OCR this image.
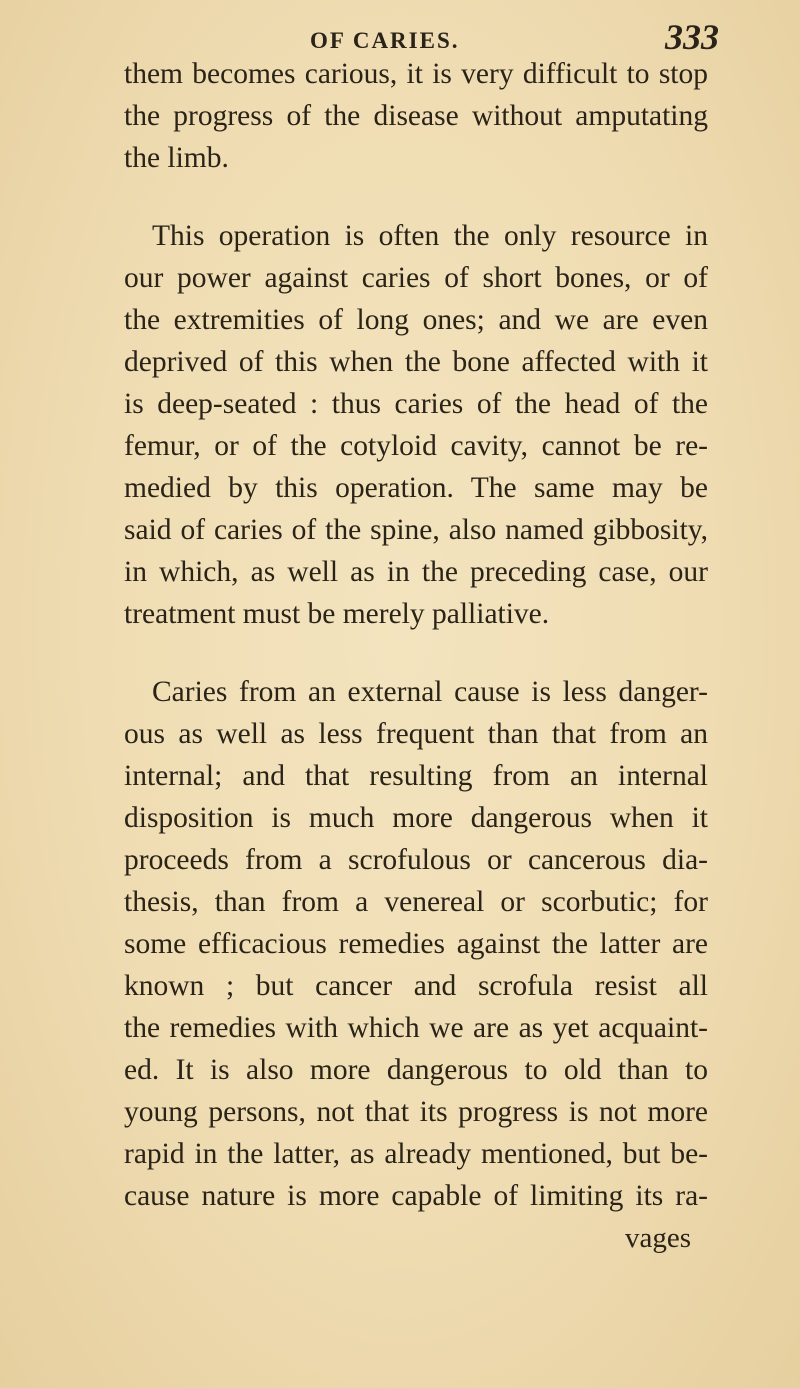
OF CARIES.	333
them becomes carious, it is very difficult to stop
the progress of the disease without amputating
the limb.
This operation is often the only resource in
our power against caries of short bones, or of
the extremities of long ones; and we are even
deprived of this when the bone affected with it
is deep-seated : thus caries of the head of the
femur, or of the cotyloid cavity, cannot be re-
medied by this operation. The same may be
said of caries of the spine, also named gibbosity,
in which, as well as in the preceding case, our
treatment must be merely palliative.
Caries from an external cause is less danger-
ous as well as less frequent than that from an
internal; and that resulting from an internal
disposition is much more dangerous when it
proceeds from a scrofulous or cancerous dia-
thesis, than from a venereal or scorbutic; for
some efficacious remedies against the latter are
known ; but cancer and scrofula resist all
the remedies with which we are as yet acquaint-
ed. It is also more dangerous to old than to
young persons, not that its progress is not more
rapid in the latter, as already mentioned, but be-
cause nature is more capable of limiting its ra-
vages
